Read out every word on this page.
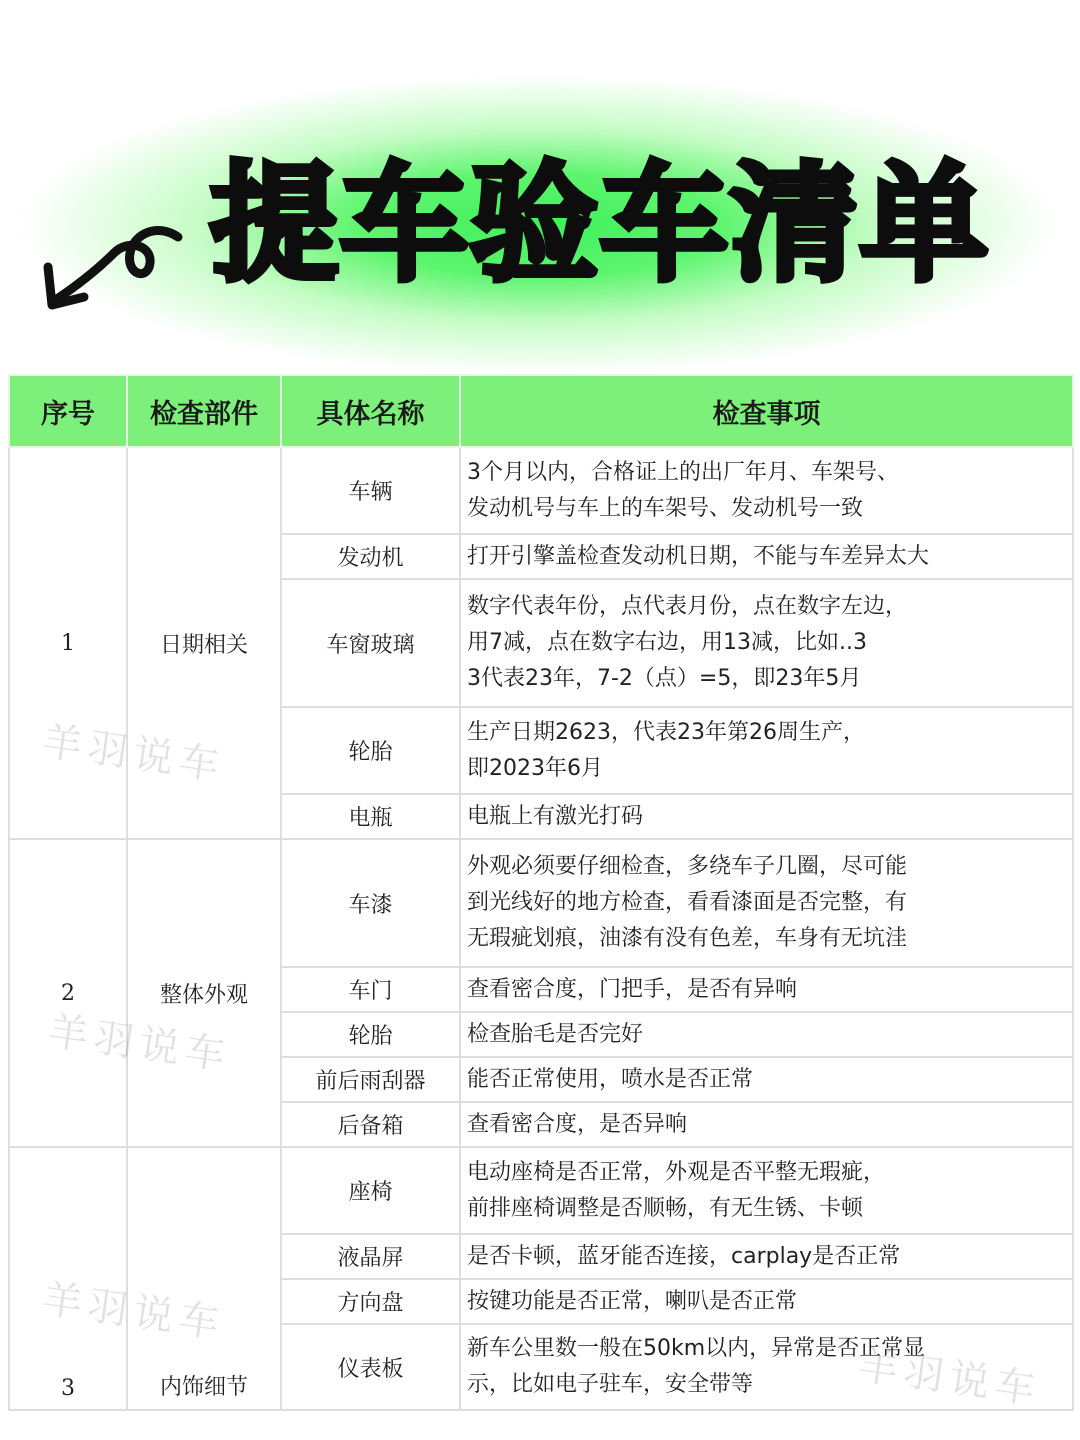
提车验车清单
序号	检查部件	具体名称	检查事项
1	日期相关	车辆	3个月以内，合格证上的出厂年月、车架号、
发动机号与车上的车架号、发动机号一致

		发动机	打开引擎盖检查发动机日期，不能与车差异太大

		车窗玻璃	数字代表年份，点代表月份，点在数字左边，
用7减，点在数字右边，用13减，比如..3
3代表23年，7-2（点）=5，即23年5月

		轮胎	生产日期2623，代表23年第26周生产，
即2023年6月

		电瓶	电瓶上有激光打码

2	整体外观	车漆	外观必须要仔细检查，多绕车子几圈，尽可能
到光线好的地方检查，看看漆面是否完整，有
无瑕疵划痕，油漆有没有色差，车身有无坑洼

		车门	查看密合度，门把手，是否有异响

		轮胎	检查胎毛是否完好

		前后雨刮器	能否正常使用，喷水是否正常

		后备箱	查看密合度，是否异响

3	内饰细节	座椅	电动座椅是否正常，外观是否平整无瑕疵，
前排座椅调整是否顺畅，有无生锈、卡顿

		液晶屏	是否卡顿，蓝牙能否连接，carplay是否正常

		方向盘	按键功能是否正常，喇叭是否正常

		仪表板	新车公里数一般在50km以内，异常是否正常显
示，比如电子驻车，安全带等
羊羽说车
羊羽说车
羊羽说车
羊羽说车
